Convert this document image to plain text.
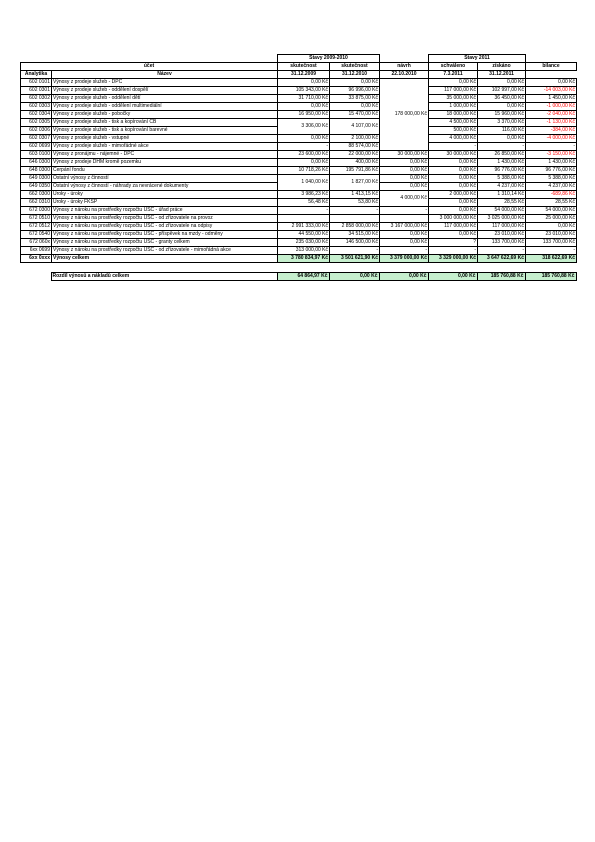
		Stavy 2009-2010			Stavy 2011		
účet		skutečnost	skutečnost	návrh	schváleno	získáno	bilance
Analytika	Název	31.12.2009	31.12.2010	22.10.2010	7.3.2011	31.12.2011	
602 0101	Výnosy z prodeje služeb - DPC	0,00 Kč	0,00 Kč	178 000,00 Kč	0,00 Kč	0,00 Kč	0,00 Kč
602 0301	Výnosy z prodeje služeb - oddělení dospělí	105 343,00 Kč	96 996,00 Kč		117 000,00 Kč	102 997,00 Kč	-14 003,00 Kč
602 0302	Výnosy z prodeje služeb - oddělení dětí	31 710,00 Kč	33 875,00 Kč		35 000,00 Kč	36 450,00 Kč	1 450,00 Kč
602 0303	Výnosy z prodeje služeb - oddělení multimediální	0,00 Kč	0,00 Kč		1 000,00 Kč	0,00 Kč	-1 000,00 Kč
602 0304	Výnosy z prodeje služeb - pobočky	16 950,00 Kč	15 470,00 Kč		18 000,00 Kč	15 960,00 Kč	-2 040,00 Kč
602 0305	Výnosy z prodeje služeb - tisk a kopírování ČB	3 306,00 Kč	4 107,00 Kč		4 500,00 Kč	3 370,00 Kč	-1 130,00 Kč
602 0306	Výnosy z prodeje služeb - tisk a kopírování barevné				500,00 Kč	116,00 Kč	-384,00 Kč
602 0307	Výnosy z prodeje služeb - vstupné	0,00 Kč	2 100,00 Kč		4 000,00 Kč	0,00 Kč	-4 000,00 Kč
602 0699	Výnosy z prodeje služeb - mimořádné akce	-	88 574,00 Kč		-	-	-
603 0100	Výnosy z pronájmu - nájemné - DPC	23 600,00 Kč	22 000,00 Kč	30 000,00 Kč	30 000,00 Kč	26 850,00 Kč	-3 150,00 Kč
646 0300	Výnosy z prodeje DHM kromě pozemku	0,00 Kč	400,00 Kč	0,00 Kč	0,00 Kč	1 430,00 Kč	1 430,00 Kč
648 0300	Čerpání fondu	10 718,26 Kč	195 791,86 Kč	0,00 Kč	0,00 Kč	96 776,00 Kč	96 776,00 Kč
649 0300	Ostatní výnosy z činností	1 040,00 Kč	1 827,00 Kč	0,00 Kč	0,00 Kč	5 388,00 Kč	5 388,00 Kč
649 0350	Ostatní výnosy z činností - náhrady za nevrácené dokumenty			0,00 Kč	0,00 Kč	4 237,00 Kč	4 237,00 Kč
662 0300	Úroky - úroky	3 986,23 Kč	1 413,15 Kč	4 000,00 Kč	2 000,00 Kč	1 310,14 Kč	-689,86 Kč
662 0310	Úroky - úroky FKSP	56,48 Kč	53,80 Kč		0,00 Kč	28,55 Kč	28,55 Kč
672 0300	Výnosy z nároku na prostředky rozpočtu ÚSC - úřad práce	-	-	-	0,00 Kč	54 000,00 Kč	54 000,00 Kč
672 0510	Výnosy z nároku na prostředky rozpočtu ÚSC - od zřizovatele na provoz				3 000 000,00 Kč	3 025 000,00 Kč	25 000,00 Kč
672 0512	Výnosy z nároku na prostředky rozpočtu ÚSC - od zřizovatele na odpisy	2 991 333,00 Kč	2 858 000,00 Kč	3 167 000,00 Kč	117 000,00 Kč	117 000,00 Kč	0,00 Kč
672 0540	Výnosy z nároku na prostředky rozpočtu ÚSC - příspěvek na mzdy - odměny	44 550,00 Kč	34 515,00 Kč	0,00 Kč	0,00 Kč	23 010,00 Kč	23 010,00 Kč
672 060x	Výnosy z nároku na prostředky rozpočtu ÚSC - granty celkem	235 030,00 Kč	146 500,00 Kč	0,00 Kč	?	133 700,00 Kč	133 700,00 Kč
6xx 0699	Výnosy z nároku na prostředky rozpočtu ÚSC - od zřizovatele - mimořádná akce	313 000,00 Kč	-	-	-	-	-
6xx 0xxx	Výnosy celkem	3 780 834,97 Kč	3 501 621,90 Kč	3 379 000,00 Kč	3 329 000,00 Kč	3 647 622,69 Kč	318 622,69 Kč
	Rozdíl výnosů a nákladů celkem	64 864,97 Kč	0,00 Kč	0,00 Kč	0,00 Kč	185 760,88 Kč	185 760,88 Kč
